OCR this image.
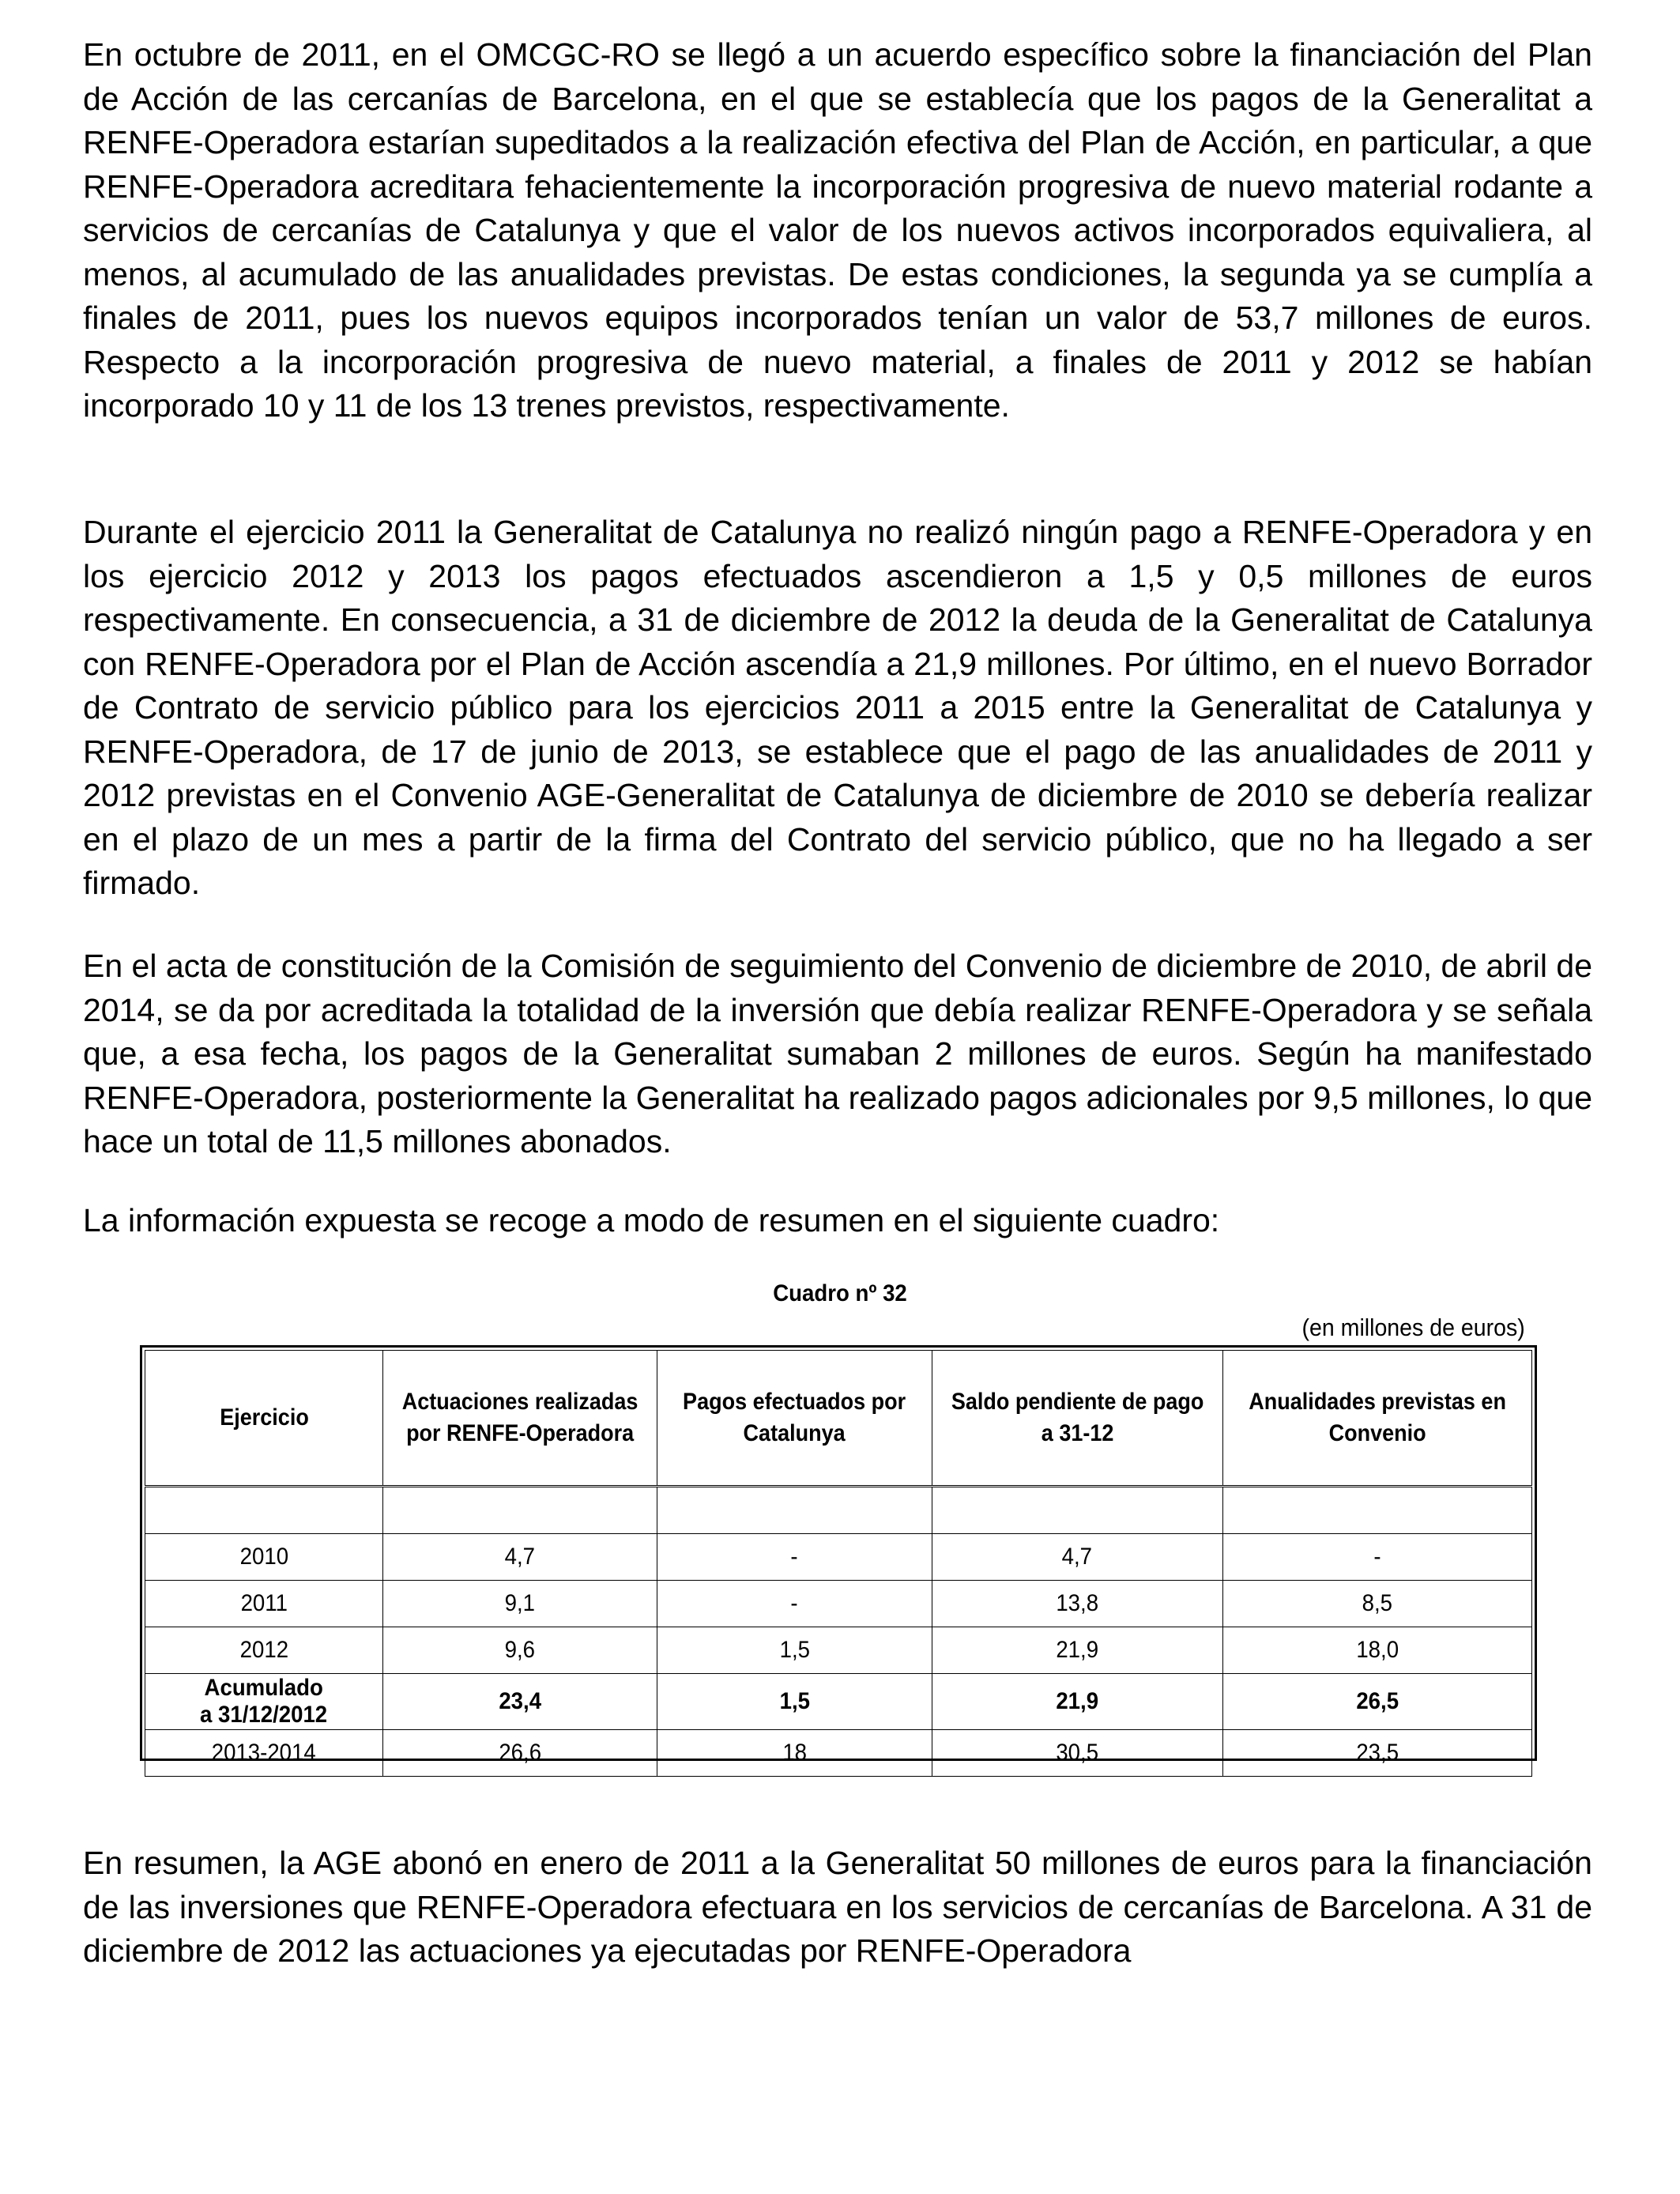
En octubre de 2011, en el OMCGC-RO se llegó a un acuerdo específico sobre la financiación del Plan de Acción de las cercanías de Barcelona, en el que se establecía que los pagos de la Generalitat a RENFE-Operadora estarían supeditados a la realización efectiva del Plan de Acción, en particular, a que RENFE-Operadora acreditara fehacientemente la incorporación progresiva de nuevo material rodante a servicios de cercanías de Catalunya y que el valor de los nuevos activos incorporados equivaliera, al menos, al acumulado de las anualidades previstas. De estas condiciones, la segunda ya se cumplía a finales de 2011, pues los nuevos equipos incorporados tenían un valor de 53,7 millones de euros. Respecto a la incorporación progresiva de nuevo material, a finales de 2011 y 2012 se habían incorporado 10 y 11 de los 13 trenes previstos, respectivamente.

Durante el ejercicio 2011 la Generalitat de Catalunya no realizó ningún pago a RENFE-Operadora y en los ejercicio 2012 y 2013 los pagos efectuados ascendieron a 1,5 y 0,5 millones de euros respectivamente. En consecuencia, a 31 de diciembre de 2012 la deuda de la Generalitat de Catalunya con RENFE-Operadora por el Plan de Acción ascendía a 21,9 millones. Por último, en el nuevo Borrador de Contrato de servicio público para los ejercicios 2011 a 2015 entre la Generalitat de Catalunya y RENFE-Operadora, de 17 de junio de 2013, se establece que el pago de las anualidades de 2011 y 2012 previstas en el Convenio AGE-Generalitat de Catalunya de diciembre de 2010 se debería realizar en el plazo de un mes a partir de la firma del Contrato del servicio público, que no ha llegado a ser firmado.

En el acta de constitución de la Comisión de seguimiento del Convenio de diciembre de 2010, de abril de 2014, se da por acreditada la totalidad de la inversión que debía realizar RENFE-Operadora y se señala que, a esa fecha, los pagos de la Generalitat sumaban 2 millones de euros. Según ha manifestado RENFE-Operadora, posteriormente la Generalitat ha realizado pagos adicionales por 9,5 millones, lo que hace un total de 11,5 millones abonados.

La información expuesta se recoge a modo de resumen en el siguiente cuadro:

Cuadro nº 32
(en millones de euros)
Ejercicio	Actuaciones realizadas por RENFE-Operadora	Pagos efectuados por Catalunya	Saldo pendiente de pago a 31-12	Anualidades previstas en Convenio

2010	4,7	-	4,7	-
2011	9,1	-	13,8	8,5
2012	9,6	1,5	21,9	18,0
Acumulado
a 31/12/2012	23,4	1,5	21,9	26,5
2013-2014	26,6	18	30,5	23,5

En resumen, la AGE abonó en enero de 2011 a la Generalitat 50 millones de euros para la financiación de las inversiones que RENFE-Operadora efectuara en los servicios de cercanías de Barcelona. A 31 de diciembre de 2012 las actuaciones ya ejecutadas por RENFE-Operadora
